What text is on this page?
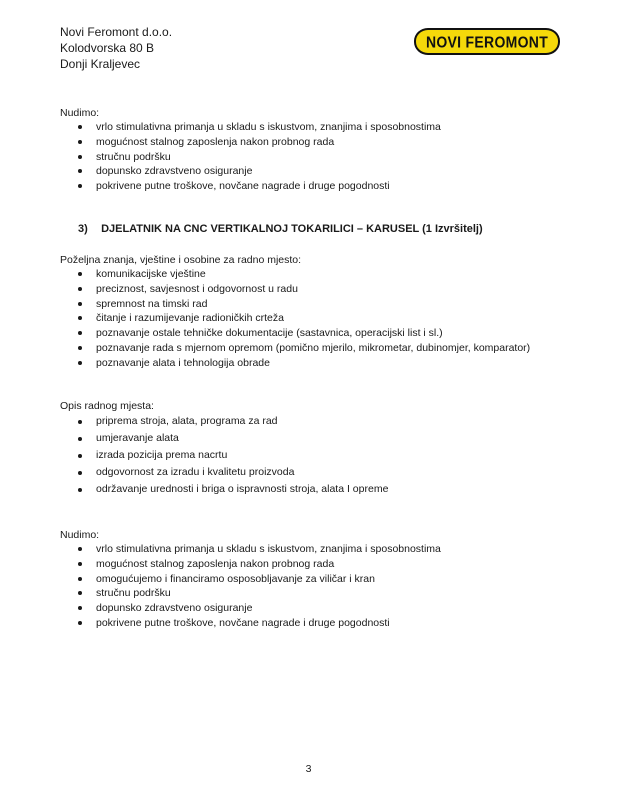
Novi Feromont d.o.o.
Kolodvorska 80 B
Donji Kraljevec
NOVI FEROMONT
Nudimo:
vrlo stimulativna primanja u skladu s iskustvom, znanjima i sposobnostima
mogućnost stalnog zaposlenja nakon probnog rada
stručnu podršku
dopunsko zdravstveno osiguranje
pokrivene putne troškove, novčane nagrade i druge pogodnosti
3) DJELATNIK NA CNC VERTIKALNOJ TOKARILICI – KARUSEL (1 Izvršitelj)
Poželjna znanja, vještine i osobine za radno mjesto:
komunikacijske vještine
preciznost, savjesnost i odgovornost u radu
spremnost na timski rad
čitanje i razumijevanje radioničkih crteža
poznavanje ostale tehničke dokumentacije (sastavnica, operacijski list i sl.)
poznavanje rada s mjernom opremom (pomično mjerilo, mikrometar, dubinomjer, komparator)
poznavanje alata i tehnologija obrade
Opis radnog mjesta:
priprema stroja, alata, programa za rad
umjeravanje alata
izrada pozicija prema nacrtu
odgovornost za izradu i kvalitetu proizvoda
održavanje urednosti i briga o ispravnosti stroja, alata I opreme
Nudimo:
vrlo stimulativna primanja u skladu s iskustvom, znanjima i sposobnostima
mogućnost stalnog zaposlenja nakon probnog rada
omogućujemo i financiramo osposobljavanje za viličar i kran
stručnu podršku
dopunsko zdravstveno osiguranje
pokrivene putne troškove, novčane nagrade i druge pogodnosti
3
